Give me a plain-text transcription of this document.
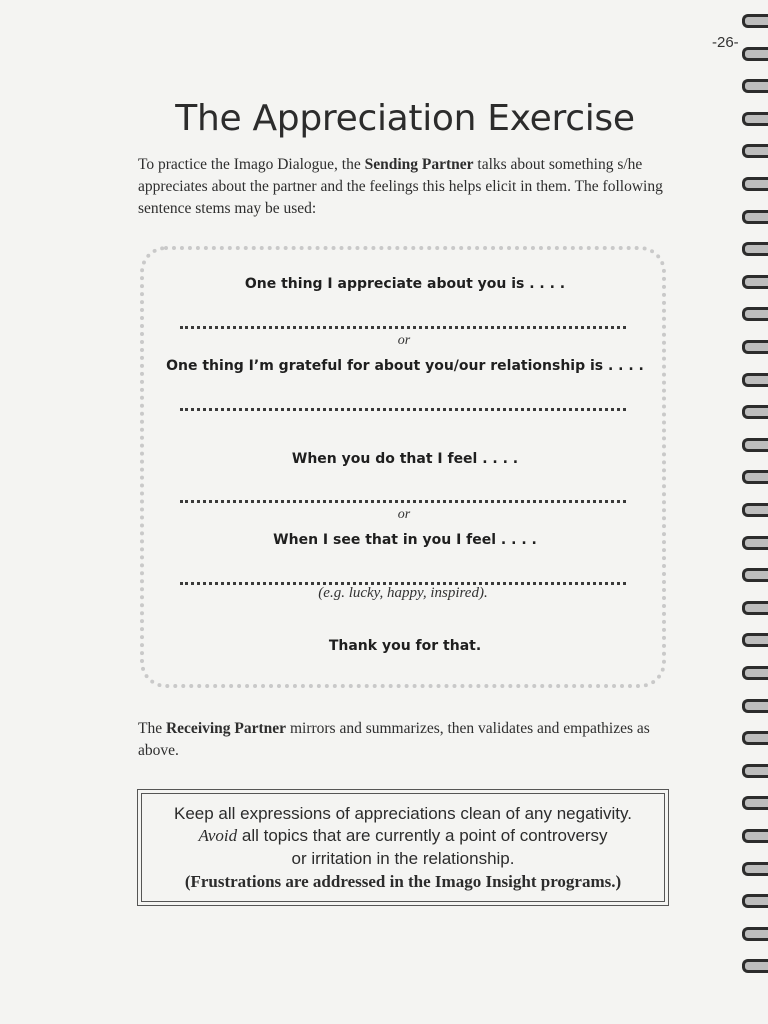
-26-
The Appreciation Exercise

To practice the Imago Dialogue, the Sending Partner talks about something s/he appreciates about the partner and the feelings this helps elicit in them. The following sentence stems may be used:

One thing I appreciate about you is . . . .
or
One thing I’m grateful for about you/our relationship is . . . .
When you do that I feel . . . .
or
When I see that in you I feel . . . .
(e.g. lucky, happy, inspired).
Thank you for that.

The Receiving Partner mirrors and summarizes, then validates and empathizes as above.

Keep all expressions of appreciations clean of any negativity.
Avoid all topics that are currently a point of controversy
or irritation in the relationship.
(Frustrations are addressed in the Imago Insight programs.)
